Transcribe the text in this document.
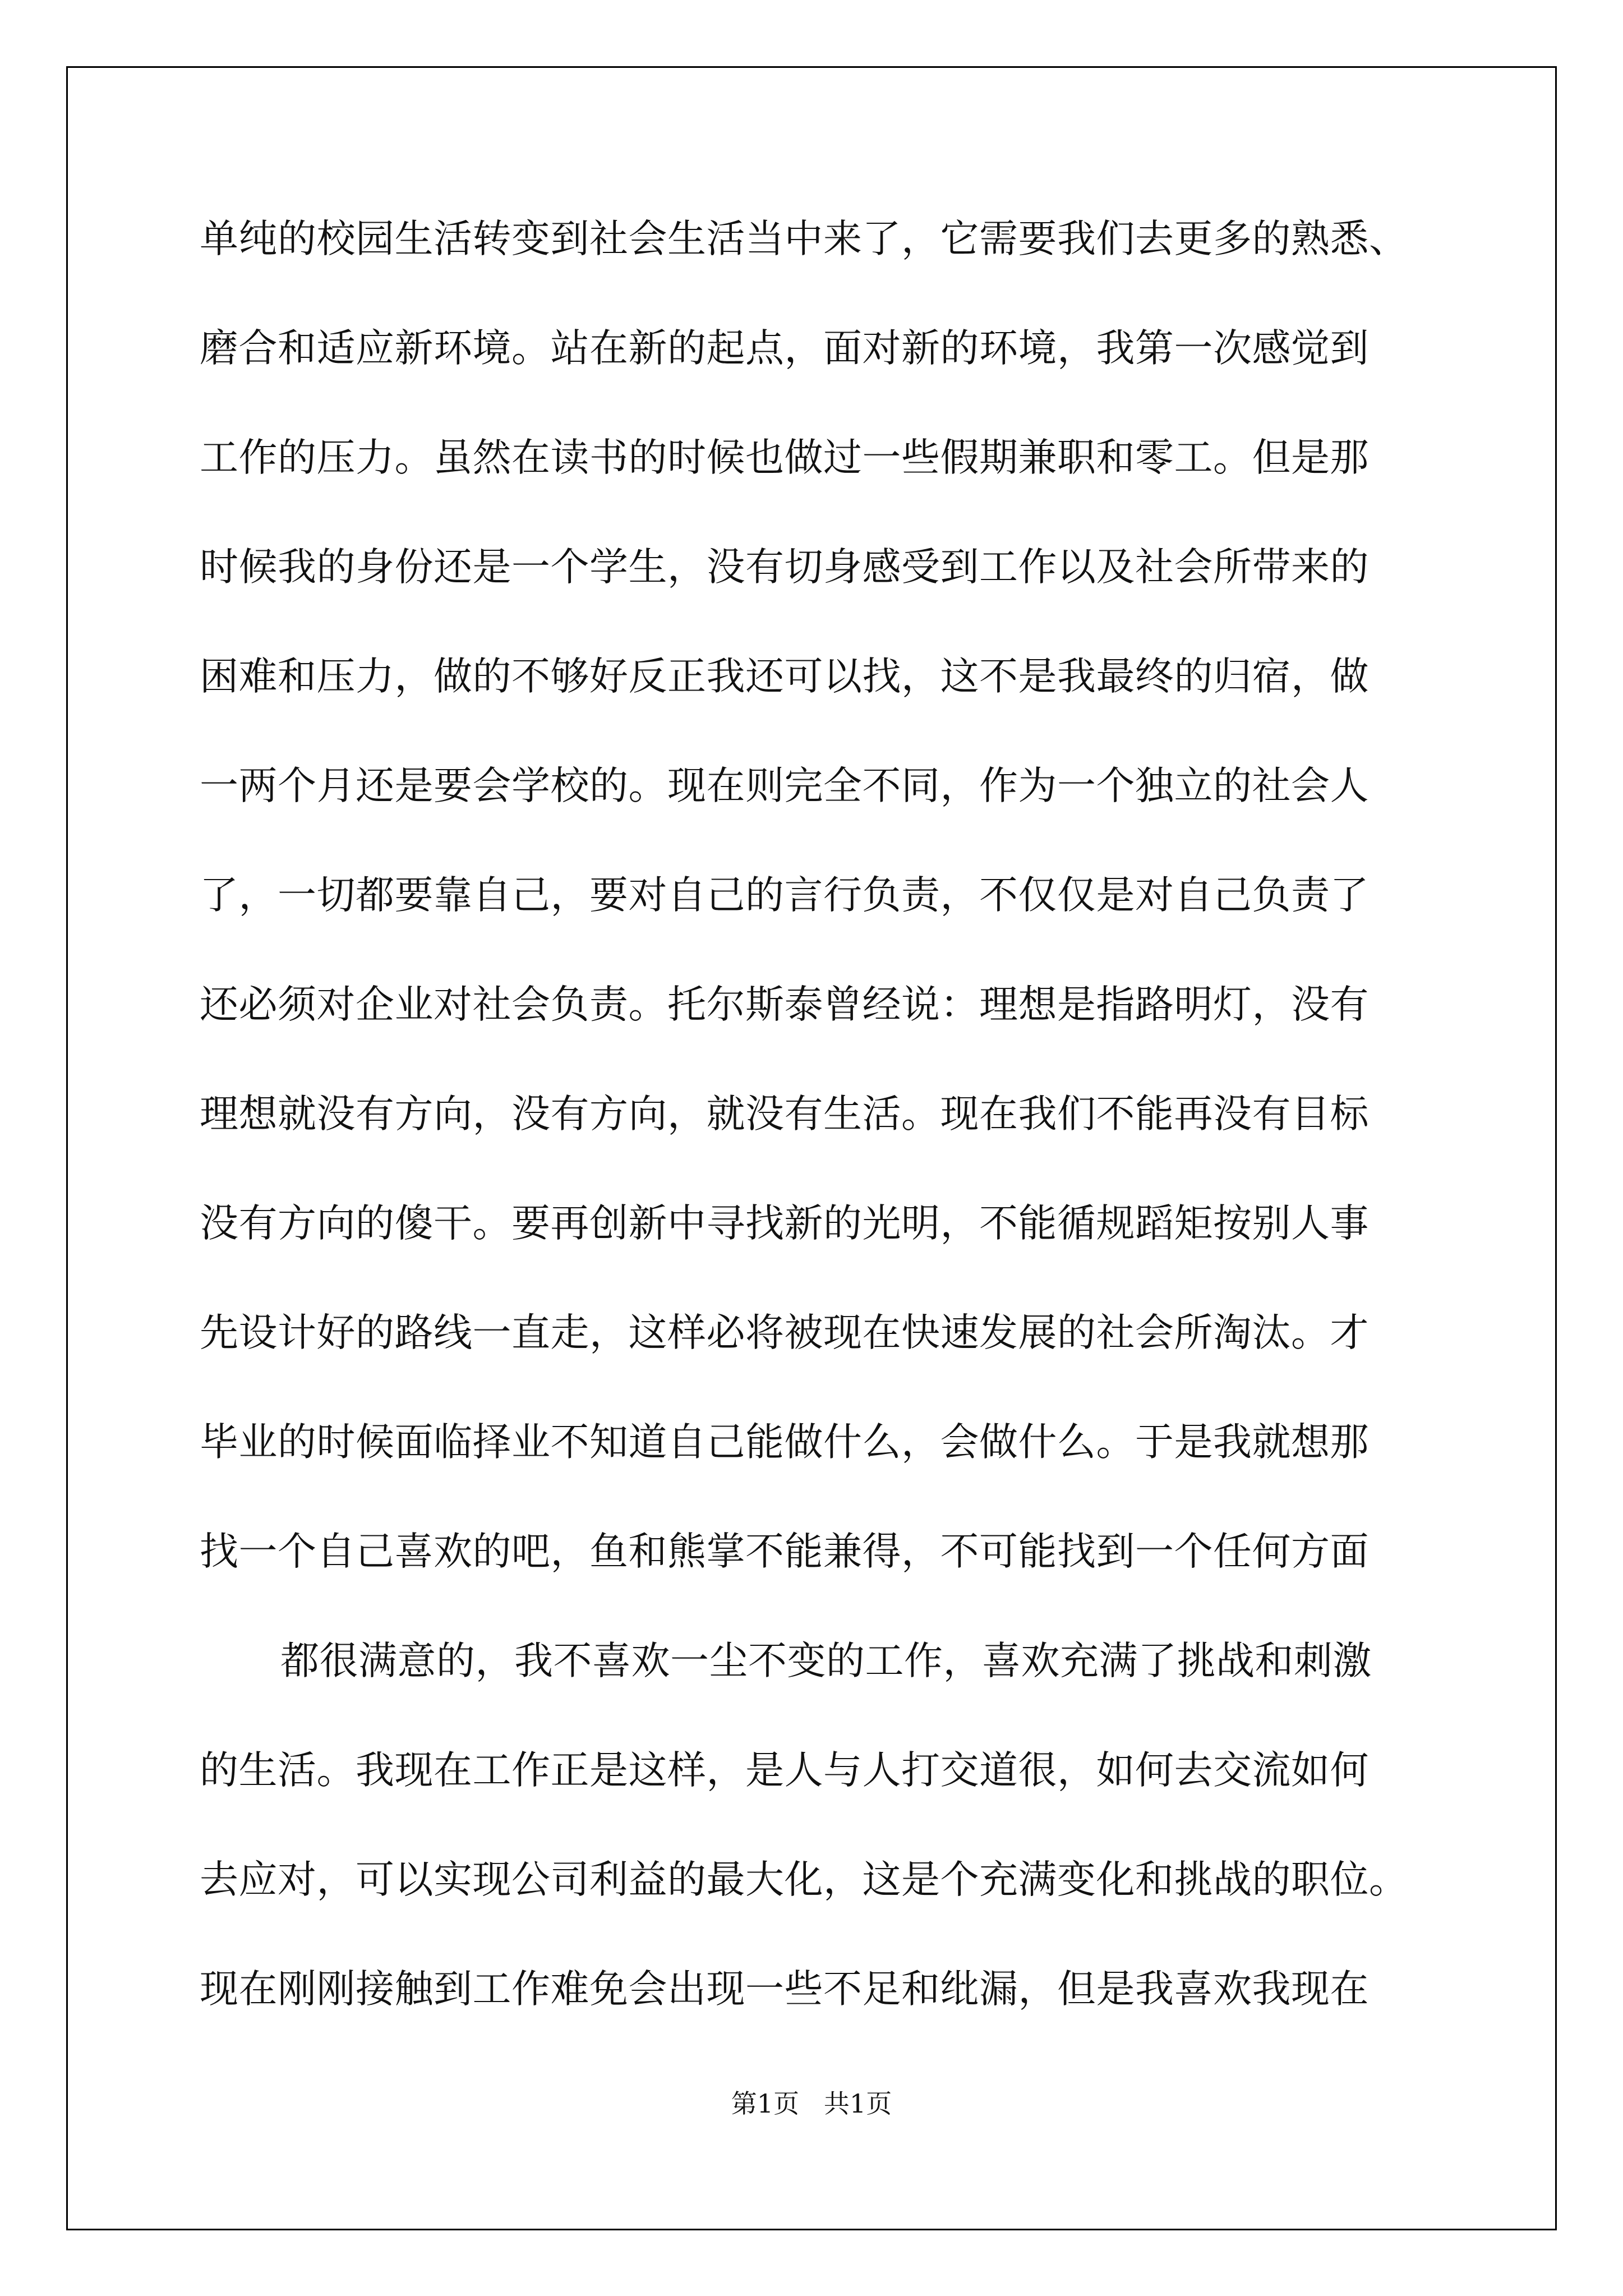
单纯的校园生活转变到社会生活当中来了，它需要我们去更多的熟悉、
磨合和适应新环境。站在新的起点，面对新的环境，我第一次感觉到
工作的压力。虽然在读书的时候也做过一些假期兼职和零工。但是那
时候我的身份还是一个学生，没有切身感受到工作以及社会所带来的
困难和压力，做的不够好反正我还可以找，这不是我最终的归宿，做
一两个月还是要会学校的。现在则完全不同，作为一个独立的社会人
了，一切都要靠自己，要对自己的言行负责，不仅仅是对自己负责了
还必须对企业对社会负责。托尔斯泰曾经说：理想是指路明灯，没有
理想就没有方向，没有方向，就没有生活。现在我们不能再没有目标
没有方向的傻干。要再创新中寻找新的光明，不能循规蹈矩按别人事
先设计好的路线一直走，这样必将被现在快速发展的社会所淘汰。才
毕业的时候面临择业不知道自己能做什么，会做什么。于是我就想那
找一个自己喜欢的吧，鱼和熊掌不能兼得，不可能找到一个任何方面
都很满意的，我不喜欢一尘不变的工作，喜欢充满了挑战和刺激
的生活。我现在工作正是这样，是人与人打交道很，如何去交流如何
去应对，可以实现公司利益的最大化，这是个充满变化和挑战的职位。
现在刚刚接触到工作难免会出现一些不足和纰漏，但是我喜欢我现在
第1页   共1页
